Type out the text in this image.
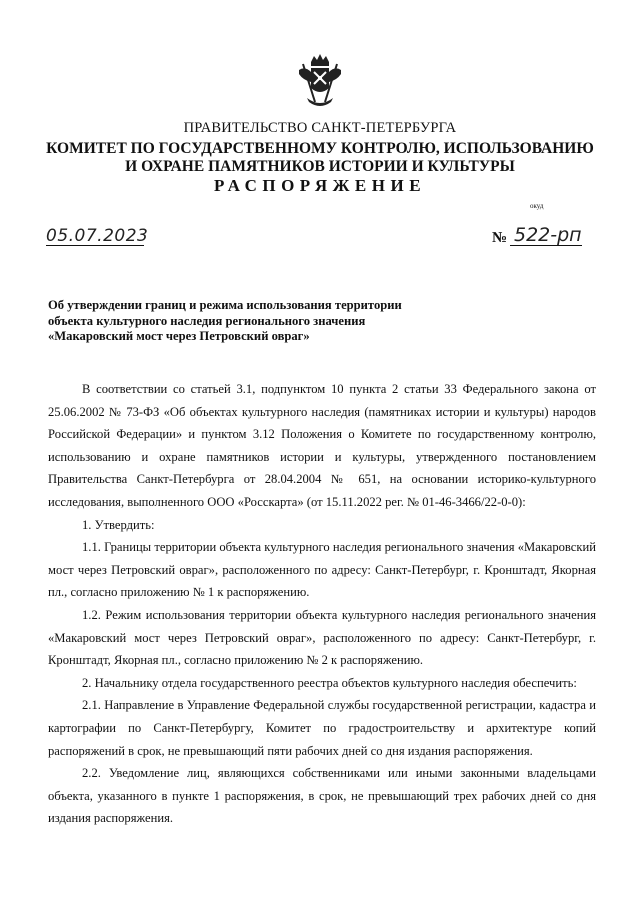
ПРАВИТЕЛЬСТВО САНКТ-ПЕТЕРБУРГА
КОМИТЕТ ПО ГОСУДАРСТВЕННОМУ КОНТРОЛЮ, ИСПОЛЬЗОВАНИЮ
И ОХРАНЕ ПАМЯТНИКОВ ИСТОРИИ И КУЛЬТУРЫ
РАСПОРЯЖЕНИЕ
окуд
05.07.2023	№ 522-рп
Об утверждении границ и режима использования территории
объекта культурного наследия регионального значения
«Макаровский мост через Петровский овраг»

В соответствии со статьей 3.1, подпунктом 10 пункта 2 статьи 33 Федерального закона от 25.06.2002 № 73-ФЗ «Об объектах культурного наследия (памятниках истории и культуры) народов Российской Федерации» и пунктом 3.12 Положения о Комитете по государственному контролю, использованию и охране памятников истории и культуры, утвержденного постановлением Правительства Санкт-Петербурга от 28.04.2004 № 651, на основании историко-культурного исследования, выполненного ООО «Росскарта» (от 15.11.2022 рег. № 01-46-3466/22-0-0):

1. Утвердить:

1.1. Границы территории объекта культурного наследия регионального значения «Макаровский мост через Петровский овраг», расположенного по адресу: Санкт-Петербург, г. Кронштадт, Якорная пл., согласно приложению № 1 к распоряжению.

1.2. Режим использования территории объекта культурного наследия регионального значения «Макаровский мост через Петровский овраг», расположенного по адресу: Санкт-Петербург, г. Кронштадт, Якорная пл., согласно приложению № 2 к распоряжению.

2. Начальнику отдела государственного реестра объектов культурного наследия обеспечить:

2.1. Направление в Управление Федеральной службы государственной регистрации, кадастра и картографии по Санкт-Петербургу, Комитет по градостроительству и архитектуре копий распоряжений в срок, не превышающий пяти рабочих дней со дня издания распоряжения.

2.2. Уведомление лиц, являющихся собственниками или иными законными владельцами объекта, указанного в пункте 1 распоряжения, в срок, не превышающий трех рабочих дней со дня издания распоряжения.
